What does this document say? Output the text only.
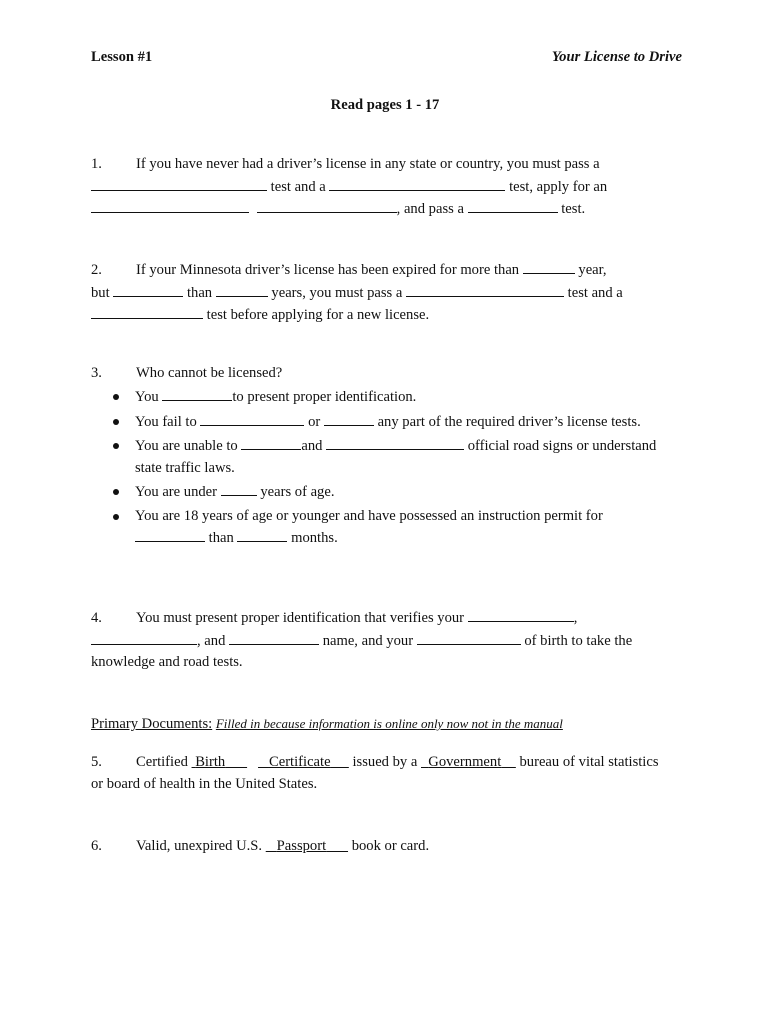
Lesson #1	Your License to Drive
Read pages 1 - 17
1. If you have never had a driver’s license in any state or country, you must pass a
test and a	test, apply for an
, and pass a	test.
2. If your Minnesota driver’s license has been expired for more than	year,
but	than	years, you must pass a	test and a
test before applying for a new license.
3. Who cannot be licensed?
You	to present proper identification.
You fail to	or	any part of the required driver’s license tests.
You are unable to	and	official road signs or understand state traffic laws.
You are under	years of age.
You are 18 years of age or younger and have possessed an instruction permit for  than	months.
4. You must present proper identification that verifies your	,
, and	name, and your	of birth to take the knowledge and road tests.
Primary Documents: Filled in because information is online only now not in the manual
5. Certified Birth	Certificate issued by a Government bureau of vital statistics or board of health in the United States.
6. Valid, unexpired U.S. Passport book or card.
